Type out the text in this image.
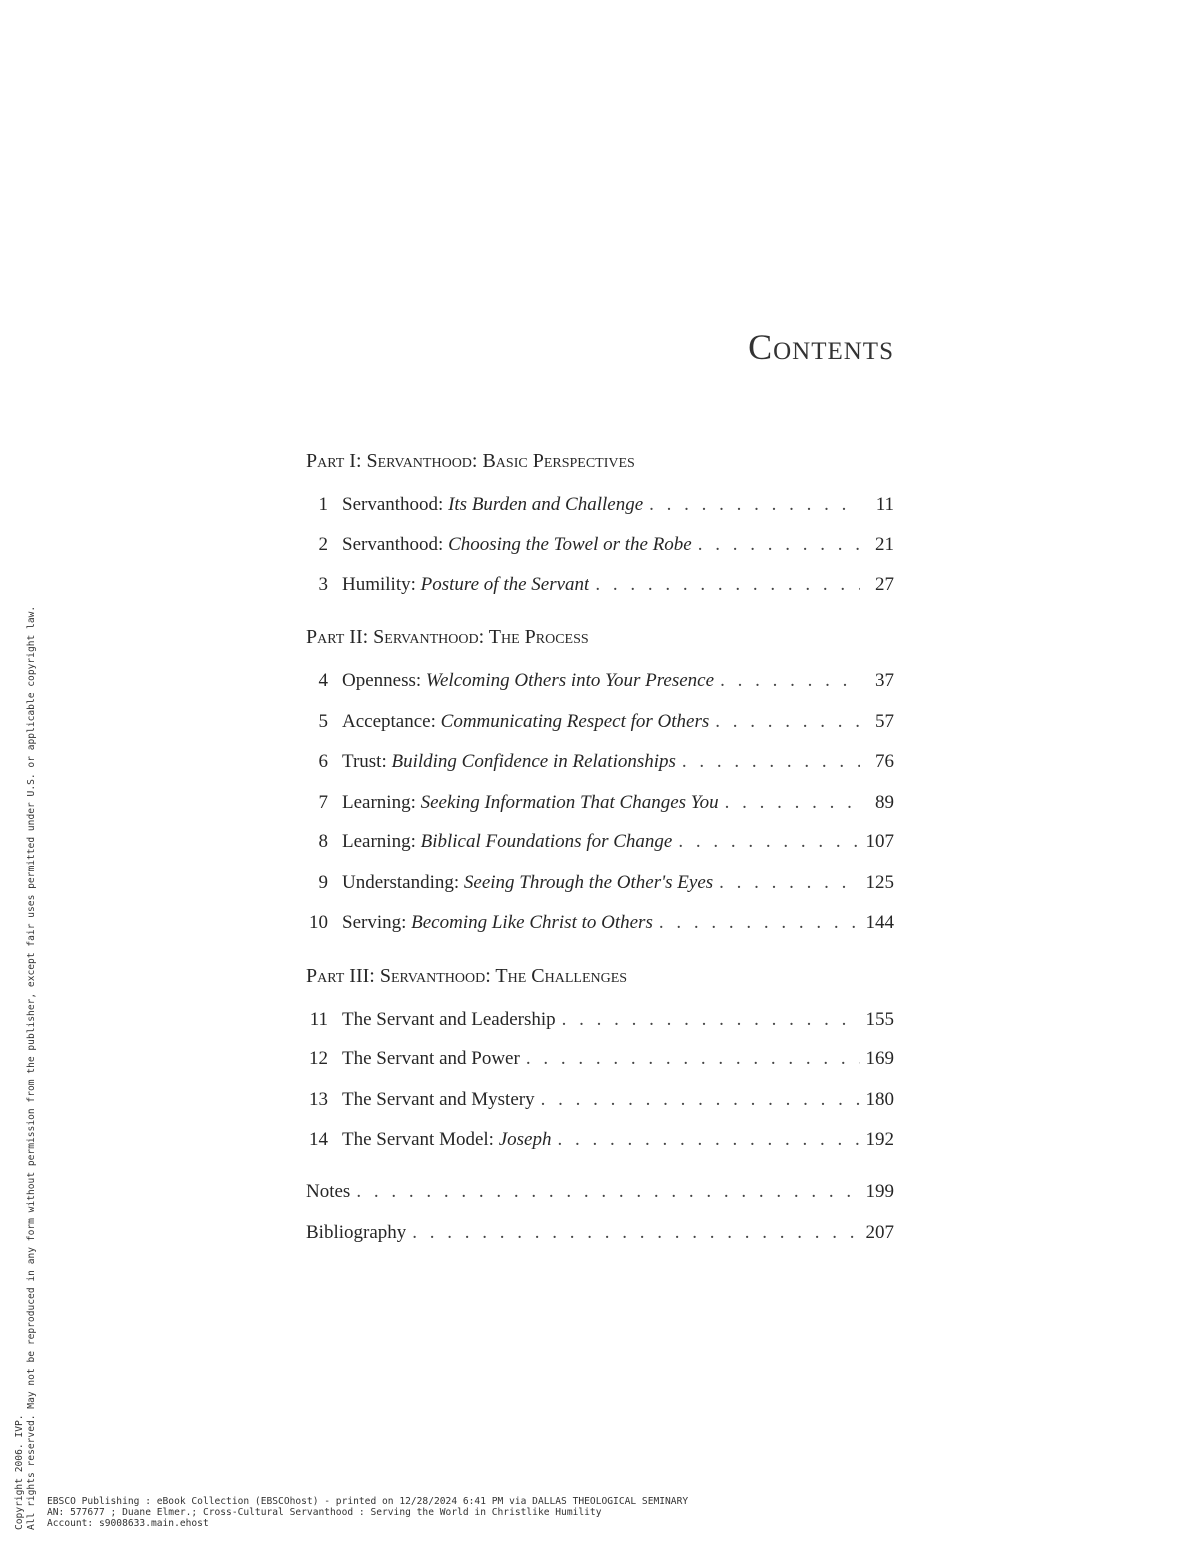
Contents
Part I: Servanthood: Basic Perspectives
1 Servanthood: Its Burden and Challenge . . .	11
2 Servanthood: Choosing the Towel or the Robe . . .	21
3 Humility: Posture of the Servant . . .	27
Part II: Servanthood: The Process
4 Openness: Welcoming Others into Your Presence . . .	37
5 Acceptance: Communicating Respect for Others . . .	57
6 Trust: Building Confidence in Relationships . . .	76
7 Learning: Seeking Information That Changes You . . .	89
8 Learning: Biblical Foundations for Change . . .	107
9 Understanding: Seeing Through the Other's Eyes . . .	125
10 Serving: Becoming Like Christ to Others . . .	144
Part III: Servanthood: The Challenges
11 The Servant and Leadership . . .	155
12 The Servant and Power . . .	169
13 The Servant and Mystery . . .	180
14 The Servant Model: Joseph . . .	192
Notes . . .	199
Bibliography . . .	207
EBSCO Publishing : eBook Collection (EBSCOhost) - printed on 12/28/2024 6:41 PM via DALLAS THEOLOGICAL SEMINARY
AN: 577677 ; Duane Elmer.; Cross-Cultural Servanthood : Serving the World in Christlike Humility
Account: s9008633.main.ehost
Copyright 2006. IVP. All rights reserved. May not be reproduced in any form without permission from the publisher, except fair uses permitted under U.S. or applicable copyright law.
